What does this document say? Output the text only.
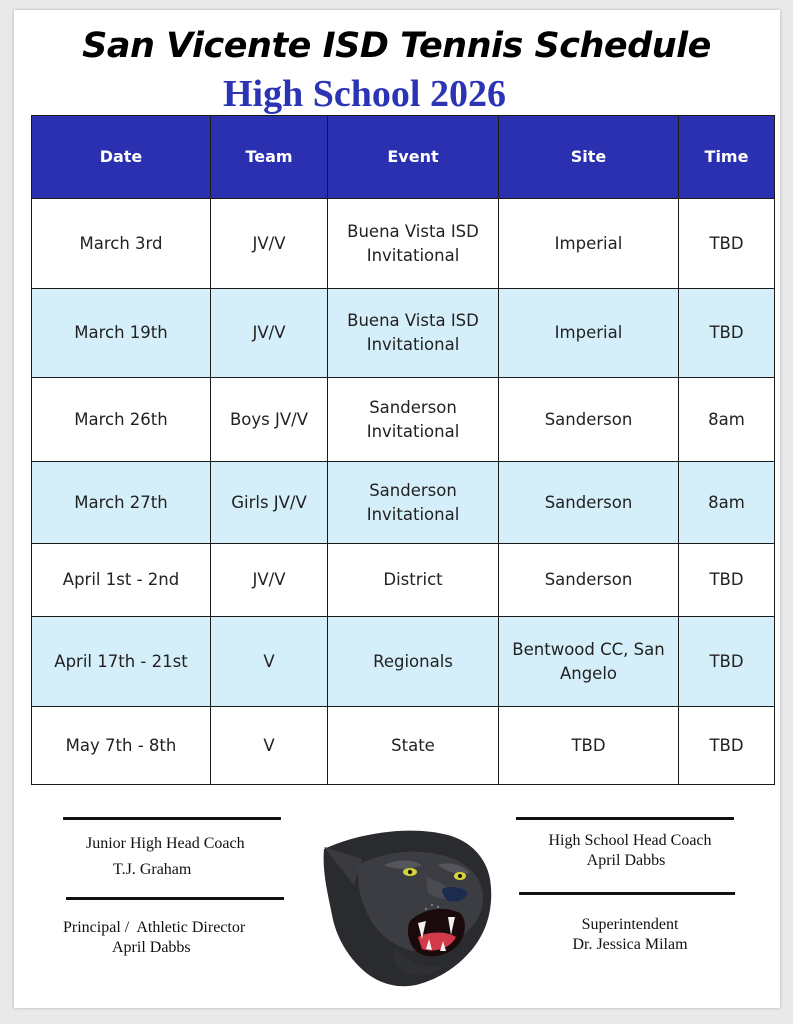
San Vicente ISD Tennis Schedule
High School 2026
Date	Team	Event	Site	Time
March 3rd	JV/V	Buena Vista ISD Invitational	Imperial	TBD
March 19th	JV/V	Buena Vista ISD Invitational	Imperial	TBD
March 26th	Boys JV/V	Sanderson Invitational	Sanderson	8am
March 27th	Girls JV/V	Sanderson Invitational	Sanderson	8am
April 1st - 2nd	JV/V	District	Sanderson	TBD
April 17th - 21st	V	Regionals	Bentwood CC, San Angelo	TBD
May 7th - 8th	V	State	TBD	TBD
Junior High Head Coach
T.J. Graham
Principal /  Athletic Director
April Dabbs
High School Head Coach
April Dabbs
Superintendent
Dr. Jessica Milam
